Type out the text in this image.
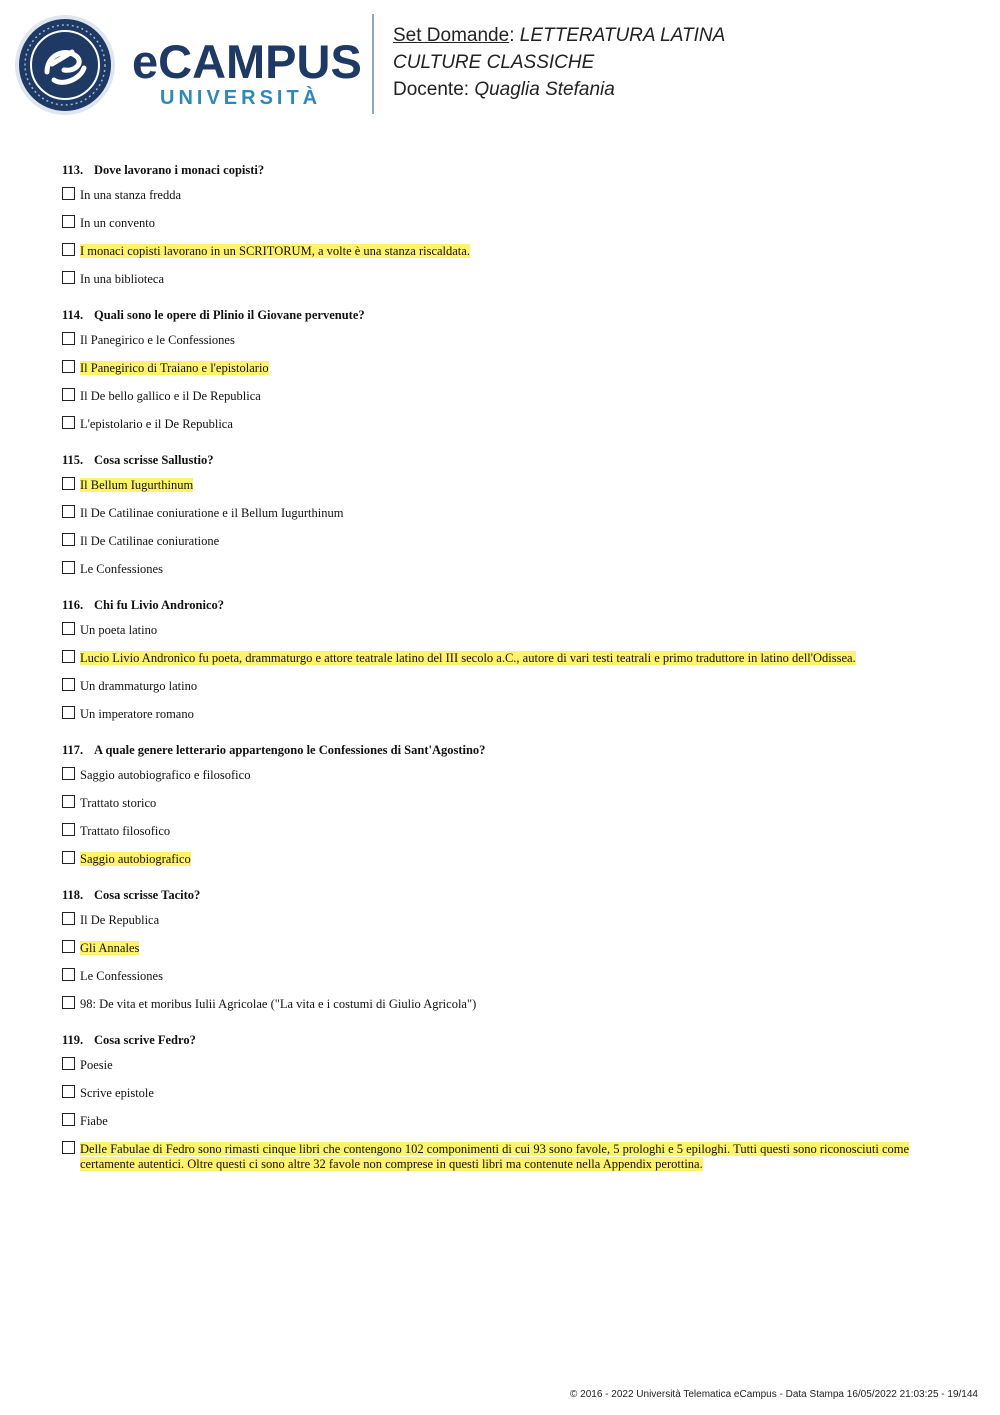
eCAMPUS
UNIVERSITÀ
Set Domande: LETTERATURA LATINA
CULTURE CLASSICHE
Docente: Quaglia Stefania
113. Dove lavorano i monaci copisti?
In una stanza fredda
In un convento
I monaci copisti lavorano in un SCRITORUM, a volte è una stanza riscaldata.
In una biblioteca
114. Quali sono le opere di Plinio il Giovane pervenute?
Il Panegirico e le Confessiones
Il Panegirico di Traiano e l'epistolario
Il De bello gallico e il De Republica
L'epistolario e il De Republica
115. Cosa scrisse Sallustio?
Il Bellum Iugurthinum
Il De Catilinae coniuratione e il Bellum Iugurthinum
Il De Catilinae coniuratione
Le Confessiones
116. Chi fu Livio Andronico?
Un poeta latino
Lucio Livio Andronìco fu poeta, drammaturgo e attore teatrale latino del III secolo a.C., autore di vari testi teatrali e primo traduttore in latino dell'Odissea.
Un drammaturgo latino
Un imperatore romano
117. A quale genere letterario appartengono le Confessiones di Sant'Agostino?
Saggio autobiografico e filosofico
Trattato storico
Trattato filosofico
Saggio autobiografico
118. Cosa scrisse Tacito?
Il De Republica
Gli Annales
Le Confessiones
98: De vita et moribus Iulii Agricolae ("La vita e i costumi di Giulio Agricola")
119. Cosa scrive Fedro?
Poesie
Scrive epistole
Fiabe
Delle Fabulae di Fedro sono rimasti cinque libri che contengono 102 componimenti di cui 93 sono favole, 5 prologhi e 5 epiloghi. Tutti questi sono riconosciuti come certamente autentici. Oltre questi ci sono altre 32 favole non comprese in questi libri ma contenute nella Appendix perottina.
© 2016 - 2022 Università Telematica eCampus - Data Stampa 16/05/2022 21:03:25 - 19/144
